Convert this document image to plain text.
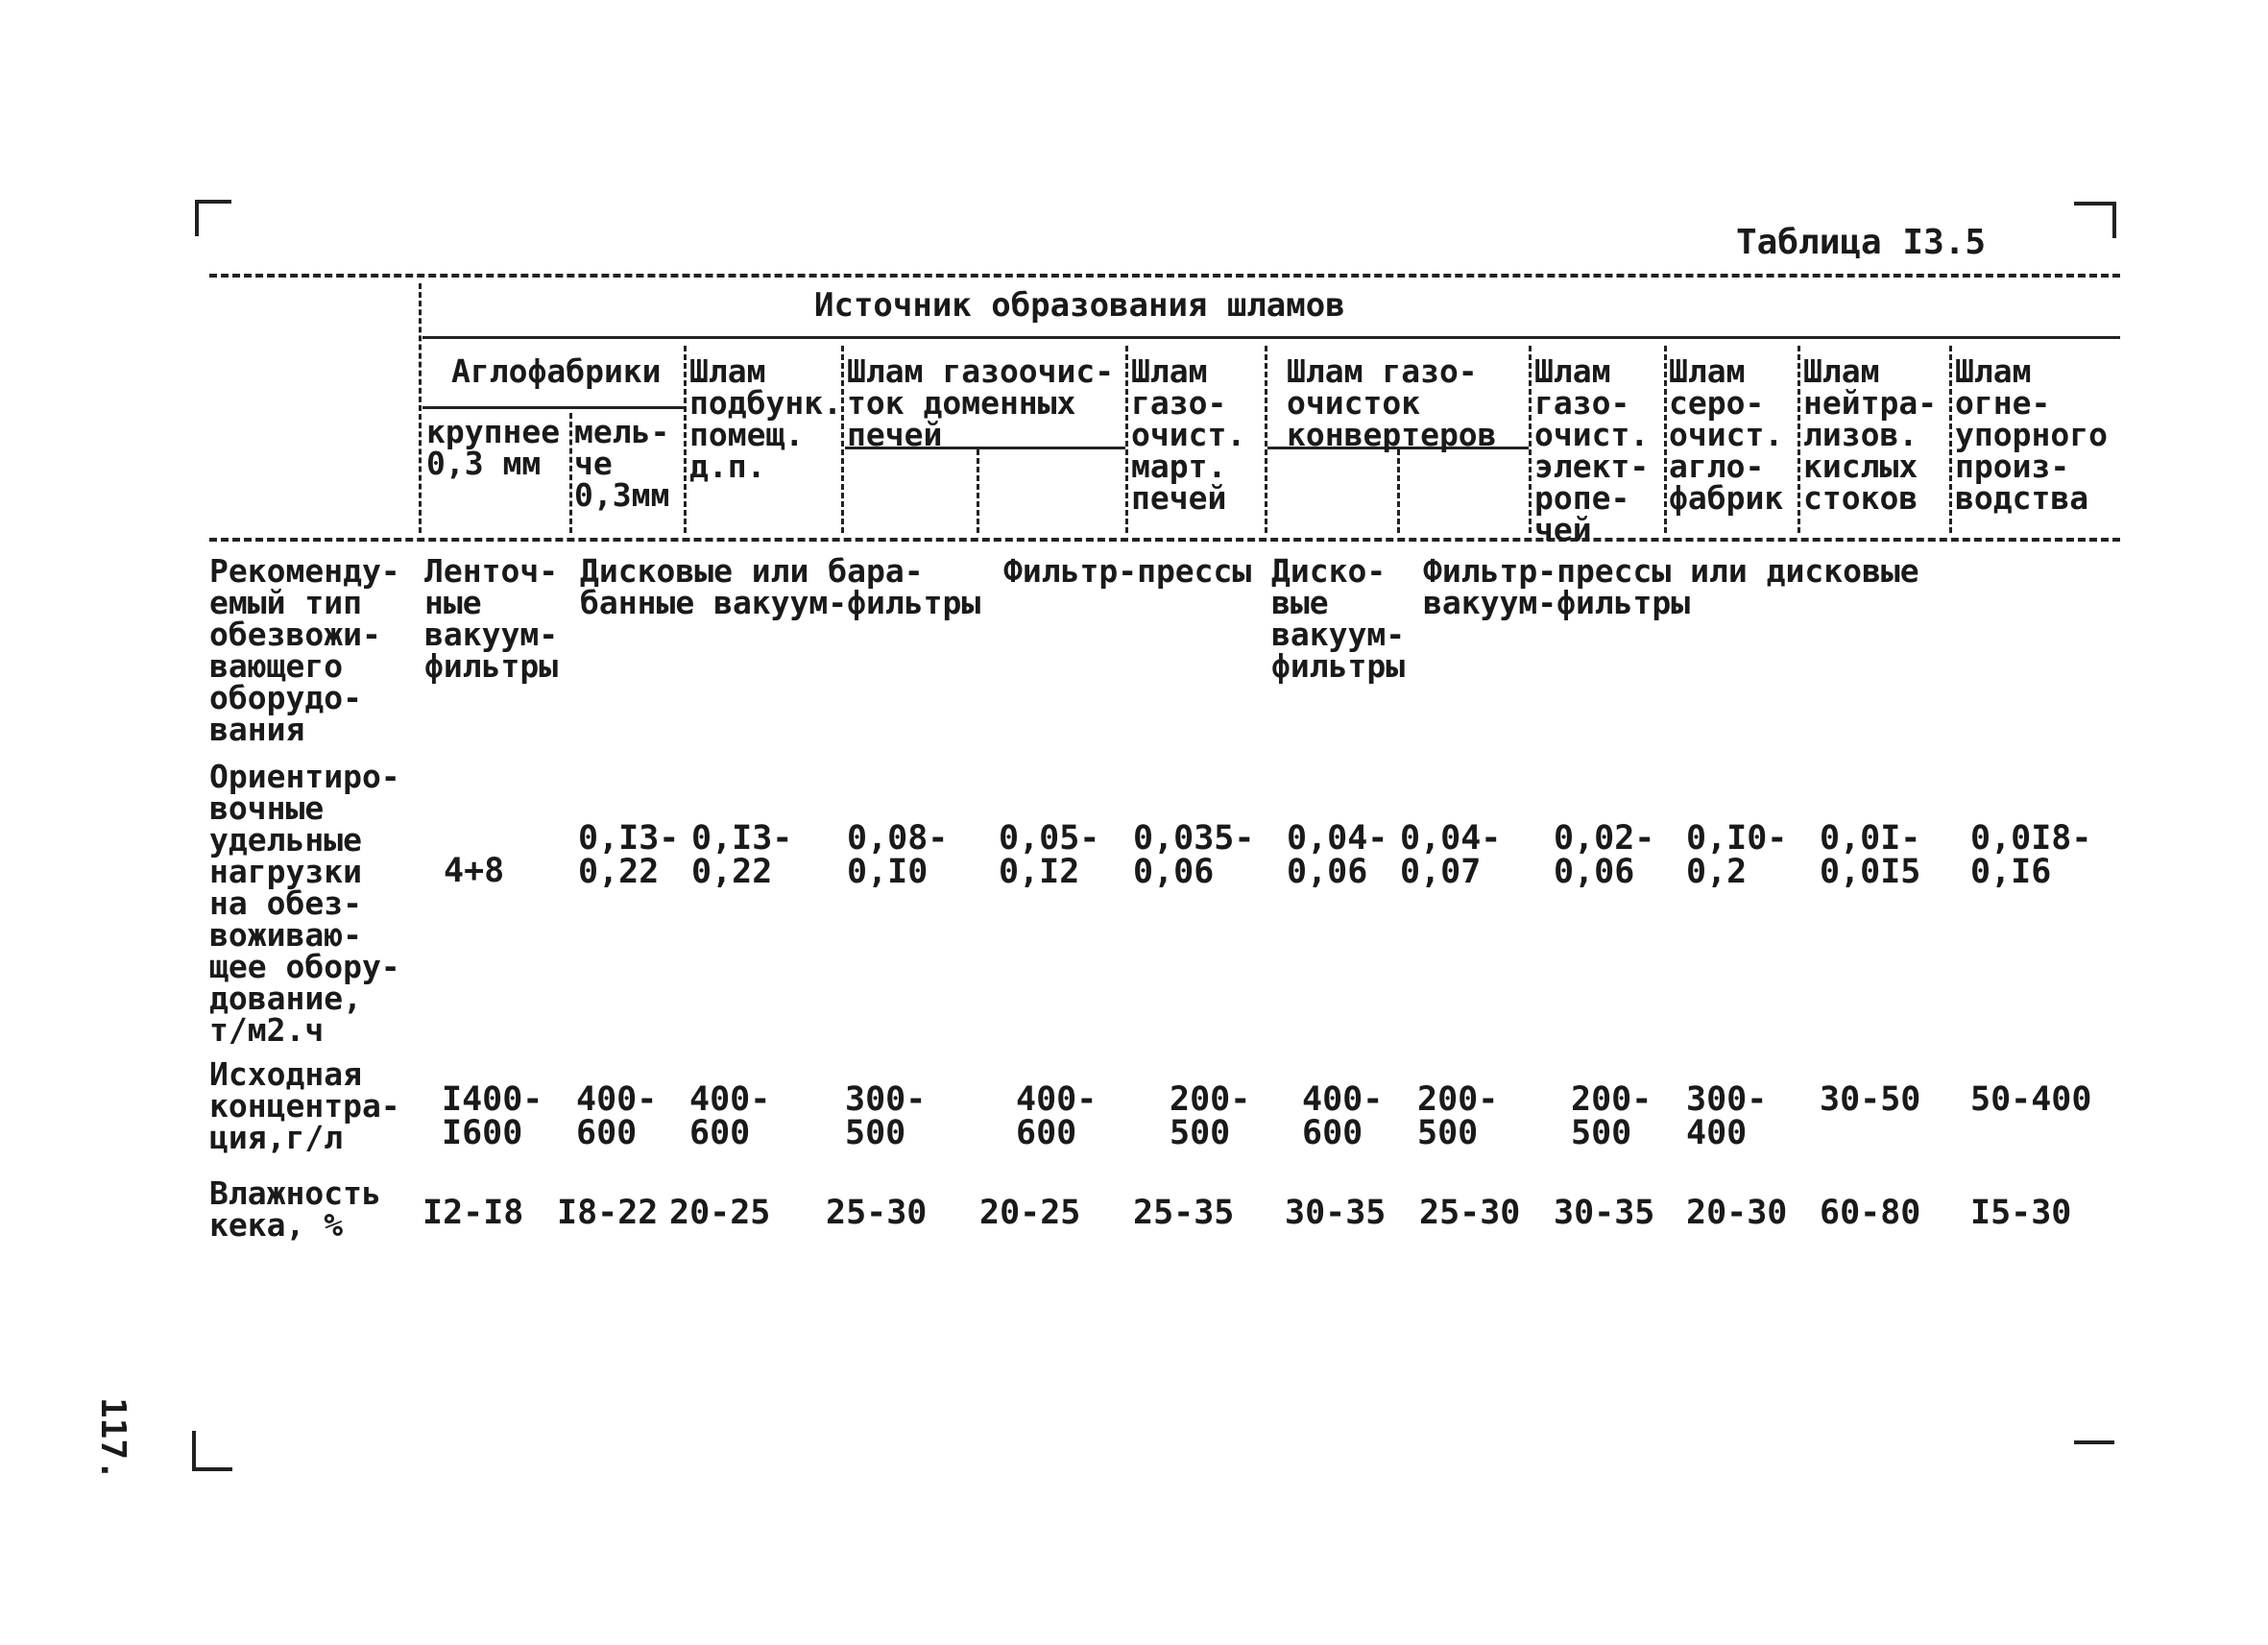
Таблица I3.5
Источник образования шламов
Аглофабрики
крупнее
0,3 мм
мель-
че
0,3мм
Шлам
подбунк.
помещ.
д.п.
Шлам газоочис-
ток доменных
печей
Шлам
газо-
очист.
март.
печей
Шлам газо-
очисток
конвертеров
Шлам
газо-
очист.
элект-
ропе-
чей
Шлам
серо-
очист.
агло-
фабрик
Шлам
нейтра-
лизов.
кислых
стоков
Шлам
огне-
упорного
произ-
водства
Рекоменду-
емый тип
обезвожи-
вающего
оборудо-
вания
Ленточ-
ные
вакуум-
фильтры
Дисковые или бара-
банные вакуум-фильтры
Фильтр-прессы Диско-
вые
вакуум-
фильтры
Фильтр-прессы или дисковые
вакуум-фильтры
Ориентиро-
вочные
удельные
нагрузки
на обез-
воживаю-
щее обору-
дование,
т/м2.ч
4+8
0,I3-
0,22
0,I3-
0,22
0,08-
0,I0
0,05-
0,I2
0,035-
0,06
0,04-
0,06
0,04-
0,07
0,02-
0,06
0,I0-
0,2
0,0I-
0,0I5
0,0I8-
0,I6
Исходная
концентра-
ция,г/л
I400-
I600
400-
600
400-
600
300-
500
400-
600
200-
500
400-
600
200-
500
200-
500
300-
400
30-50 50-400
Влажность
кека, %	I2-I8 I8-22 20-25 25-30 20-25 25-35 30-35 25-30 30-35 20-30 60-80 I5-30
117.
